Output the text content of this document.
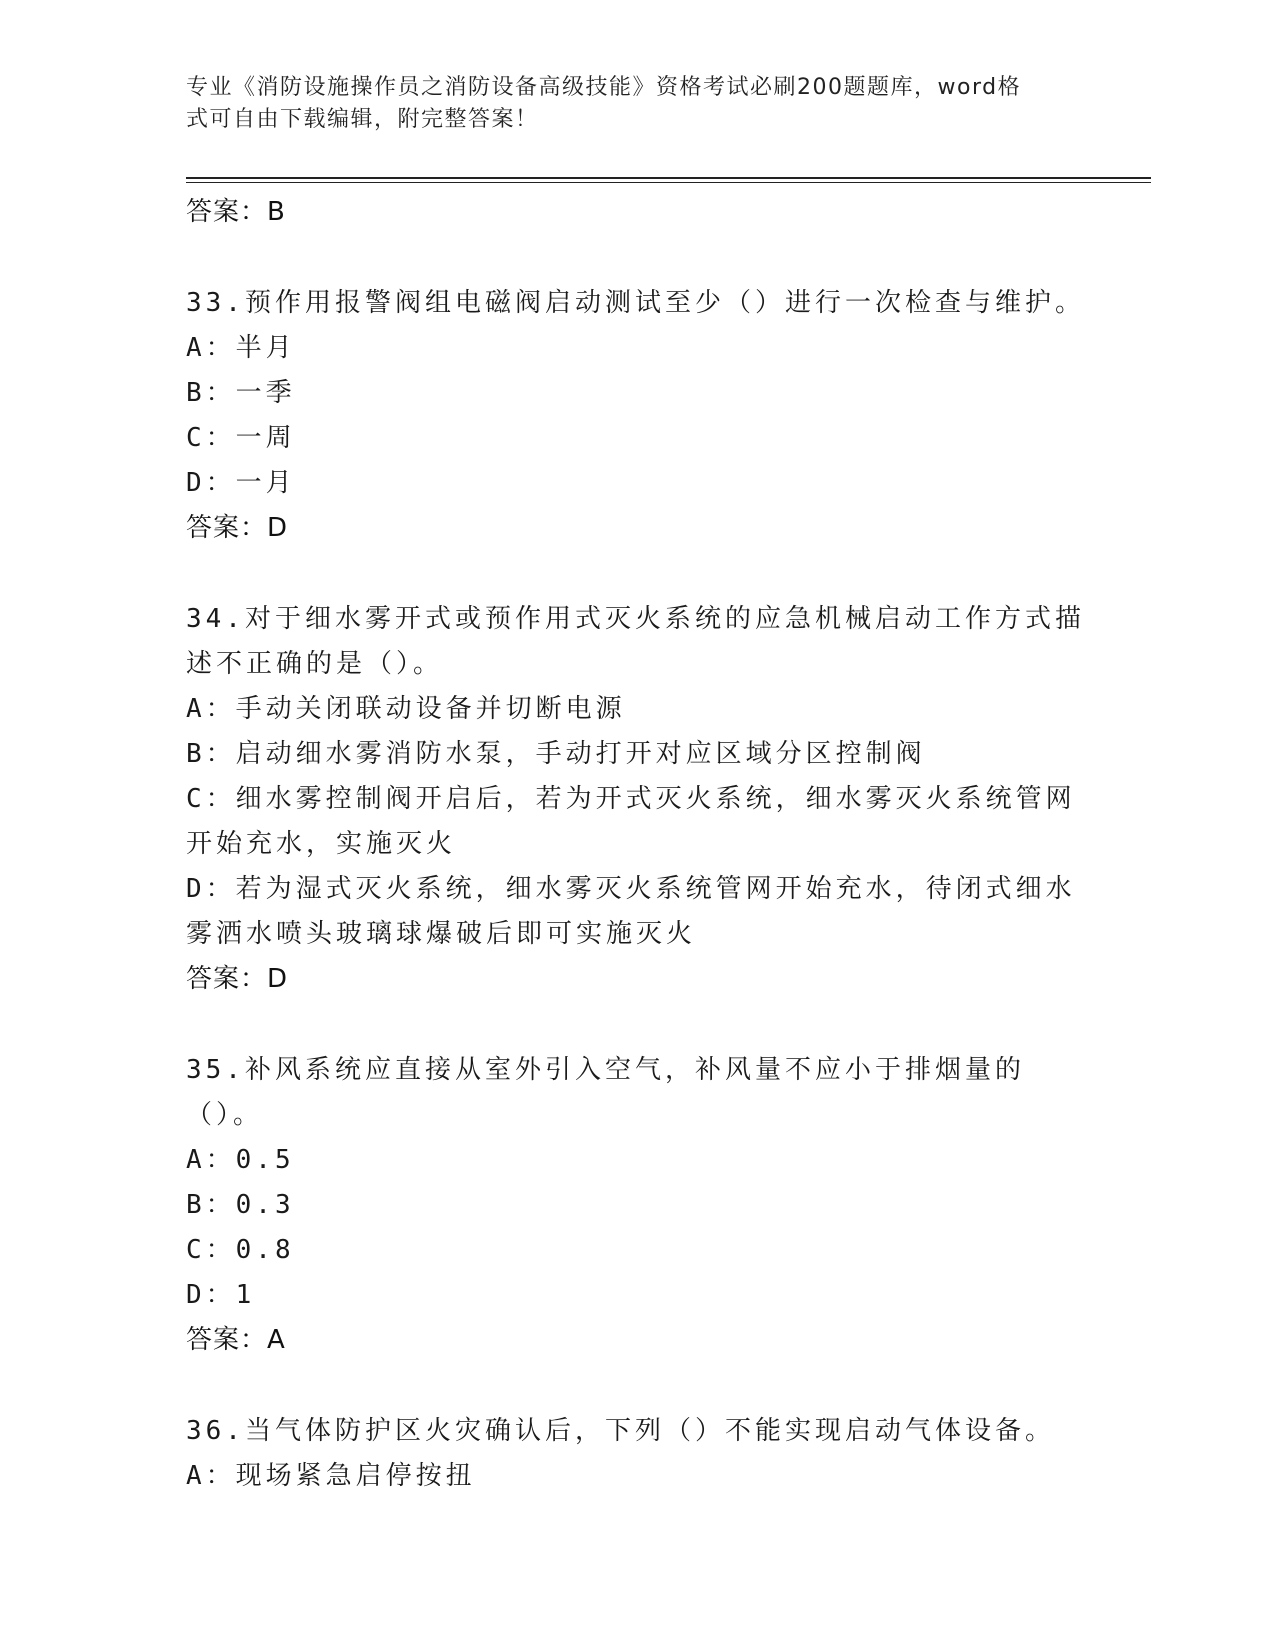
专业《消防设施操作员之消防设备高级技能》资格考试必刷200题题库，word格
式可自由下载编辑，附完整答案！
答案：B
33.预作用报警阀组电磁阀启动测试至少（）进行一次检查与维护。
A：半月
B：一季
C：一周
D：一月
答案：D
34.对于细水雾开式或预作用式灭火系统的应急机械启动工作方式描述不正确的是（）。
A：手动关闭联动设备并切断电源
B：启动细水雾消防水泵，手动打开对应区域分区控制阀
C：细水雾控制阀开启后，若为开式灭火系统，细水雾灭火系统管网开始充水，实施灭火
D：若为湿式灭火系统，细水雾灭火系统管网开始充水，待闭式细水雾洒水喷头玻璃球爆破后即可实施灭火
答案：D
35.补风系统应直接从室外引入空气，补风量不应小于排烟量的（）。
A：0.5
B：0.3
C：0.8
D：1
答案：A
36.当气体防护区火灾确认后，下列（）不能实现启动气体设备。
A：现场紧急启停按扭
